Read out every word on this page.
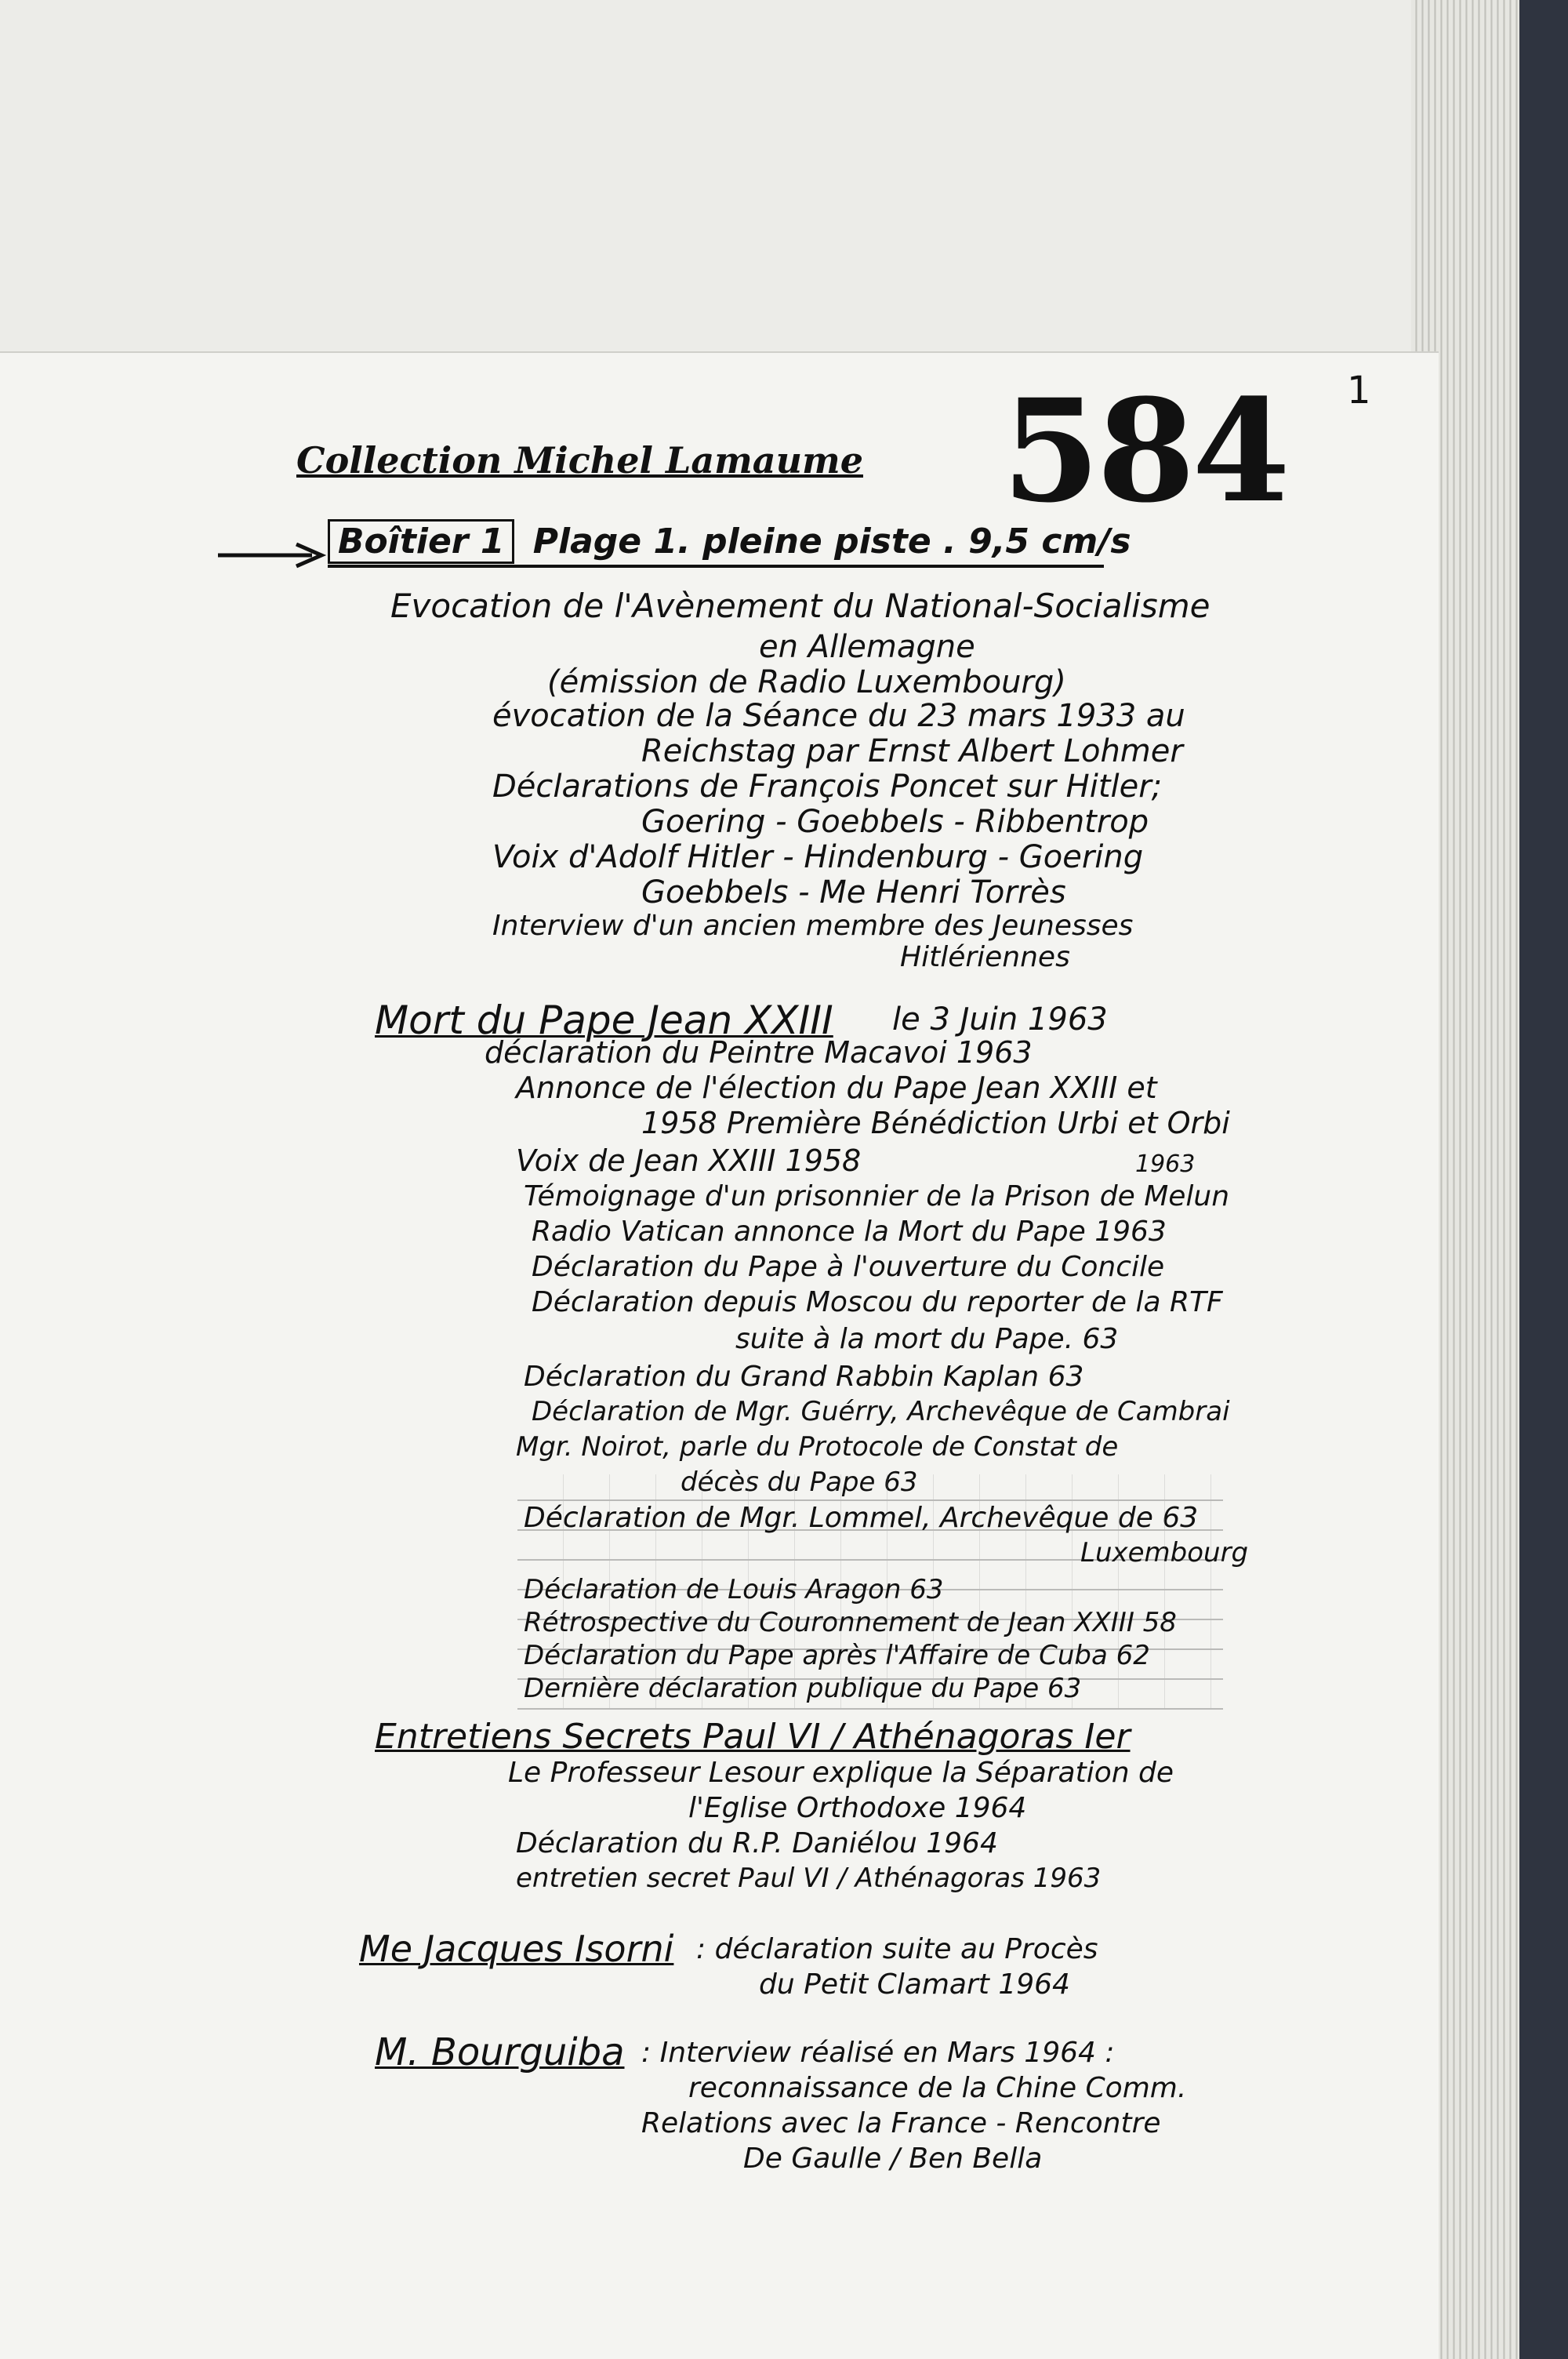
1
Collection Michel Lamaume 584
Boîtier 1 Plage 1. pleine piste . 9,5 cm/s
Evocation de l'Avènement du National-Socialisme
en Allemagne
(émission de Radio Luxembourg)
évocation de la Séance du 23 mars 1933 au
Reichstag par Ernst Albert Lohmer
Déclarations de François Poncet sur Hitler;
Goering - Goebbels - Ribbentrop
Voix d'Adolf Hitler - Hindenburg - Goering
Goebbels - Me Henri Torrès
Interview d'un ancien membre des Jeunesses
Hitlériennes
Mort du Pape Jean XXIII le 3 Juin 1963
déclaration du Peintre Macavoi 1963
Annonce de l'élection du Pape Jean XXIII et
1958 Première Bénédiction Urbi et Orbi
Voix de Jean XXIII 1958	1963
Témoignage d'un prisonnier de la Prison de Melun
Radio Vatican annonce la Mort du Pape 1963
Déclaration du Pape à l'ouverture du Concile
Déclaration depuis Moscou du reporter de la RTF
suite à la mort du Pape. 63
Déclaration du Grand Rabbin Kaplan 63
Déclaration de Mgr. Guérry, Archevêque de Cambrai
Mgr. Noirot, parle du Protocole de Constat de
décès du Pape 63
Déclaration de Mgr. Lommel, Archevêque de 63
Luxembourg
Déclaration de Louis Aragon 63
Rétrospective du Couronnement de Jean XXIII 58
Déclaration du Pape après l'Affaire de Cuba 62
Dernière déclaration publique du Pape 63
Entretiens Secrets Paul VI / Athénagoras Ier
Le Professeur Lesour explique la Séparation de
l'Eglise Orthodoxe 1964
Déclaration du R.P. Daniélou 1964
entretien secret Paul VI / Athénagoras 1963
Me Jacques Isorni : déclaration suite au Procès
du Petit Clamart 1964
M. Bourguiba : Interview réalisé en Mars 1964 :
reconnaissance de la Chine Comm.
Relations avec la France - Rencontre
De Gaulle / Ben Bella
